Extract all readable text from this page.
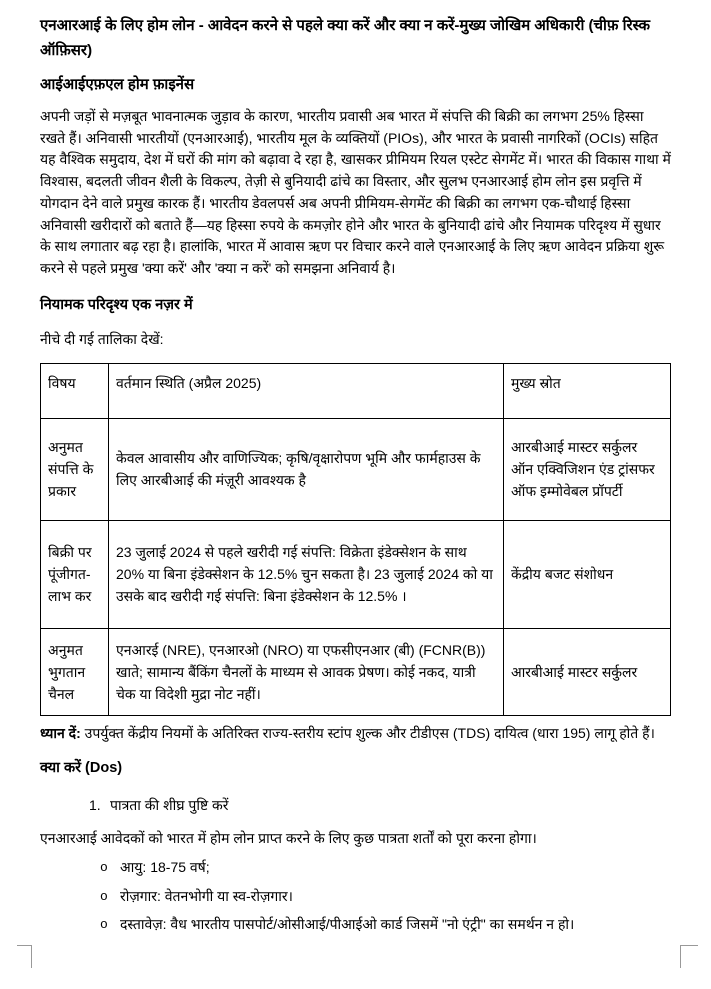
एनआरआई के लिए होम लोन - आवेदन करने से पहले क्या करें और क्या न करें-मुख्य जोखिम अधिकारी (चीफ़ रिस्क ऑफ़िसर)
आईआईएफ़एल होम फ़ाइनेंस

अपनी जड़ों से मज़बूत भावनात्मक जुड़ाव के कारण, भारतीय प्रवासी अब भारत में संपत्ति की बिक्री का लगभग 25% हिस्सा रखते हैं। अनिवासी भारतीयों (एनआरआई), भारतीय मूल के व्यक्तियों (PIOs), और भारत के प्रवासी नागरिकों (OCIs) सहित यह वैश्विक समुदाय, देश में घरों की मांग को बढ़ावा दे रहा है, खासकर प्रीमियम रियल एस्टेट सेगमेंट में। भारत की विकास गाथा में विश्वास, बदलती जीवन शैली के विकल्प, तेज़ी से बुनियादी ढांचे का विस्तार, और सुलभ एनआरआई होम लोन इस प्रवृत्ति में योगदान देने वाले प्रमुख कारक हैं। भारतीय डेवलपर्स अब अपनी प्रीमियम-सेगमेंट की बिक्री का लगभग एक-चौथाई हिस्सा अनिवासी खरीदारों को बताते हैं—यह हिस्सा रुपये के कमज़ोर होने और भारत के बुनियादी ढांचे और नियामक परिदृश्य में सुधार के साथ लगातार बढ़ रहा है। हालांकि, भारत में आवास ऋण पर विचार करने वाले एनआरआई के लिए ऋण आवेदन प्रक्रिया शुरू करने से पहले प्रमुख 'क्या करें' और 'क्या न करें' को समझना अनिवार्य है।

नियामक परिदृश्य एक नज़र में

नीचे दी गई तालिका देखें:

विषय	वर्तमान स्थिति (अप्रैल 2025)	मुख्य स्रोत
अनुमत संपत्ति के प्रकार	केवल आवासीय और वाणिज्यिक; कृषि/वृक्षारोपण भूमि और फार्महाउस के लिए आरबीआई की मंज़ूरी आवश्यक है	आरबीआई मास्टर सर्कुलर ऑन एक्विजिशन एंड ट्रांसफर ऑफ इम्मोवेबल प्रॉपर्टी
बिक्री पर पूंजीगत-लाभ कर	23 जुलाई 2024 से पहले खरीदी गई संपत्ति: विक्रेता इंडेक्सेशन के साथ 20% या बिना इंडेक्सेशन के 12.5% चुन सकता है। 23 जुलाई 2024 को या उसके बाद खरीदी गई संपत्ति: बिना इंडेक्सेशन के 12.5% ।	केंद्रीय बजट संशोधन
अनुमत भुगतान चैनल	एनआरई (NRE), एनआरओ (NRO) या एफसीएनआर (बी) (FCNR(B)) खाते; सामान्य बैंकिंग चैनलों के माध्यम से आवक प्रेषण। कोई नकद, यात्री चेक या विदेशी मुद्रा नोट नहीं।	आरबीआई मास्टर सर्कुलर

ध्यान दें: उपर्युक्त केंद्रीय नियमों के अतिरिक्त राज्य-स्तरीय स्टांप शुल्क और टीडीएस (TDS) दायित्व (धारा 195) लागू होते हैं।

क्या करें (Dos)
1. पात्रता की शीघ्र पुष्टि करें

एनआरआई आवेदकों को भारत में होम लोन प्राप्त करने के लिए कुछ पात्रता शर्तों को पूरा करना होगा।

o आयु: 18-75 वर्ष;
o रोज़गार: वेतनभोगी या स्व-रोज़गार।
o दस्तावेज़: वैध भारतीय पासपोर्ट/ओसीआई/पीआईओ कार्ड जिसमें "नो एंट्री" का समर्थन न हो।
